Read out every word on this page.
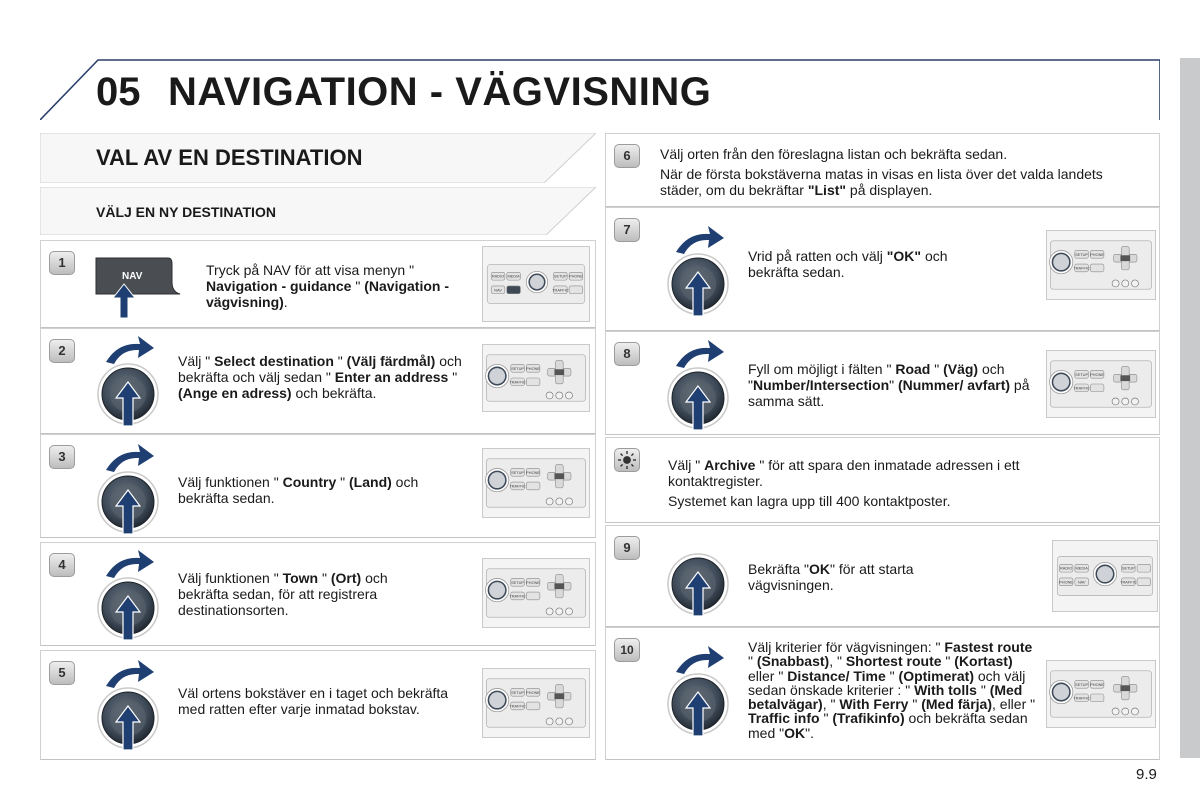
05 NAVIGATION - VÄGVISNING
VAL AV EN DESTINATION
VÄLJ EN NY DESTINATION
1
2
3
4
5
6
7
8
9
10
Tryck på NAV för att visa menyn " Navigation - guidance " (Navigation - vägvisning).
Välj " Select destination " (Välj färdmål) och bekräfta och välj sedan " Enter an address " (Ange en adress) och bekräfta.
Välj funktionen " Country " (Land) och bekräfta sedan.
Välj funktionen " Town " (Ort) och bekräfta sedan, för att registrera destinationsorten.
Väl ortens bokstäver en i taget och bekräfta med ratten efter varje inmatad bokstav.

Välj orten från den föreslagna listan och bekräfta sedan.

När de första bokstäverna matas in visas en lista över det valda landets städer, om du bekräftar "List" på displayen.

Vrid på ratten och välj "OK" och bekräfta sedan.
Fyll om möjligt i fälten " Road " (Väg) och "Number/Intersection" (Nummer/ avfart) på samma sätt.

Välj " Archive " för att spara den inmatade adressen i ett kontaktregister.

Systemet kan lagra upp till 400 kontaktposter.

Bekräfta "OK" för att starta vägvisningen.
Välj kriterier för vägvisningen: " Fastest route " (Snabbast), " Shortest route " (Kortast) eller " Distance/ Time " (Optimerat) och välj sedan önskade kriterier : " With tolls " (Med betalvägar), " With Ferry " (Med färja), eller " Traffic info " (Trafikinfo) och bekräfta sedan med "OK".
NAV	RADIO MEDIA
NAV NAV
SETUP PHONE
TRAFFIC
SETUP PHONE
TRAFFIC
SETUP PHONE
TRAFFIC
SETUP PHONE
TRAFFIC
SETUP PHONE
TRAFFIC
SETUP PHONE
TRAFFIC
SETUP PHONE
TRAFFIC
RADIO MEDIA
PHONE NAV
SETUP
TRAFFIC
SETUP PHONE
TRAFFIC
9.9
